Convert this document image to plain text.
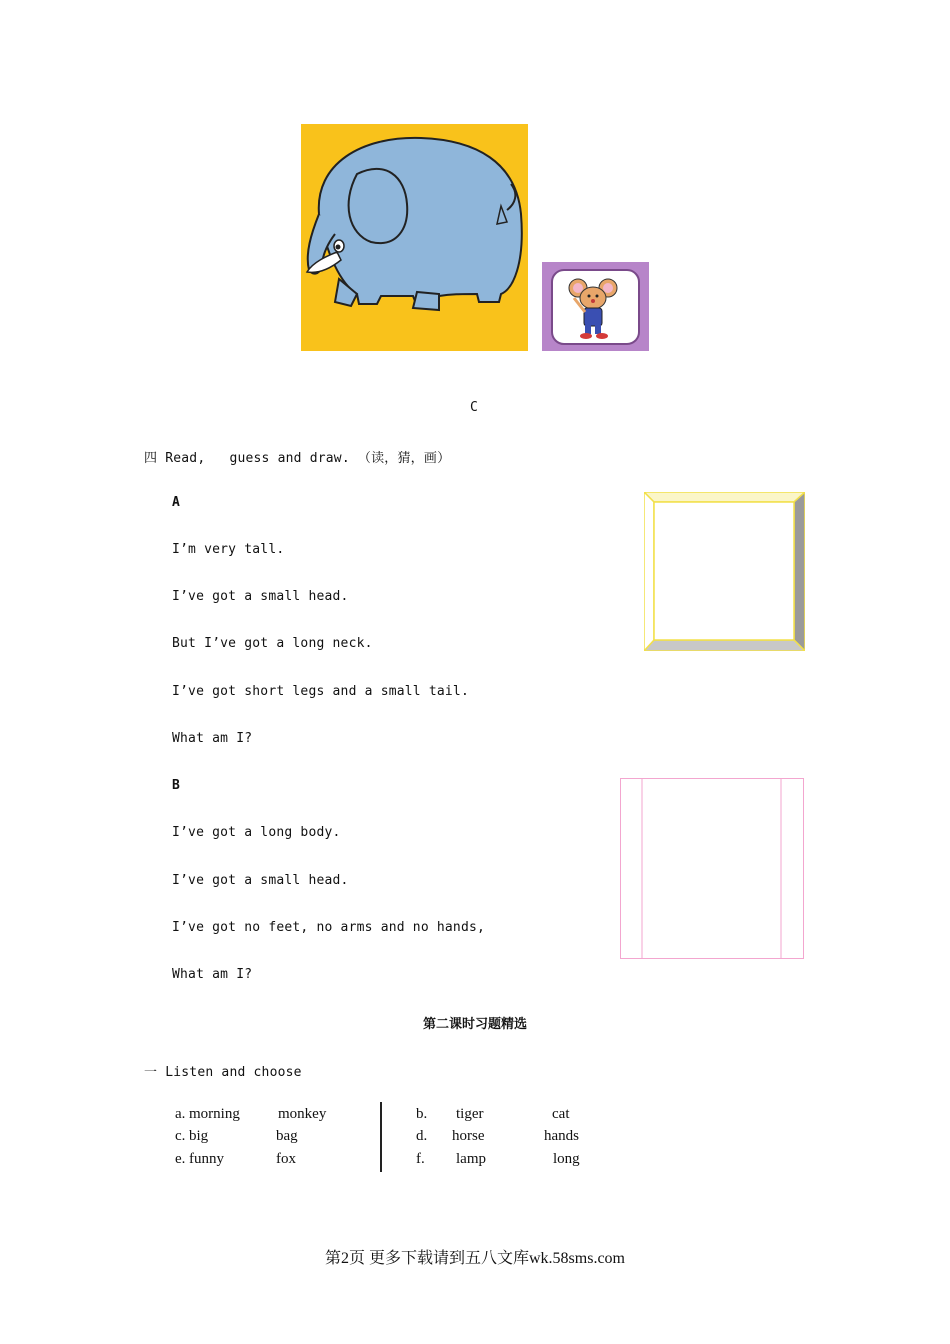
C
四 Read,   guess and draw. （读，猜，画）
A
I’m very tall.
I’ve got a small head.
But I’ve got a long neck.
I’ve got short legs and a small tail.
What am I?
B
I’ve got a long body.
I’ve got a small head.
I’ve got no feet, no arms and no hands,
What am I?
第二课时习题精选
一 Listen and choose
a. morning	monkey
c. big	bag
e. funny	fox
b. tiger	cat
d. horse	hands
f. lamp	long
第2页 更多下载请到五八文库wk.58sms.com
